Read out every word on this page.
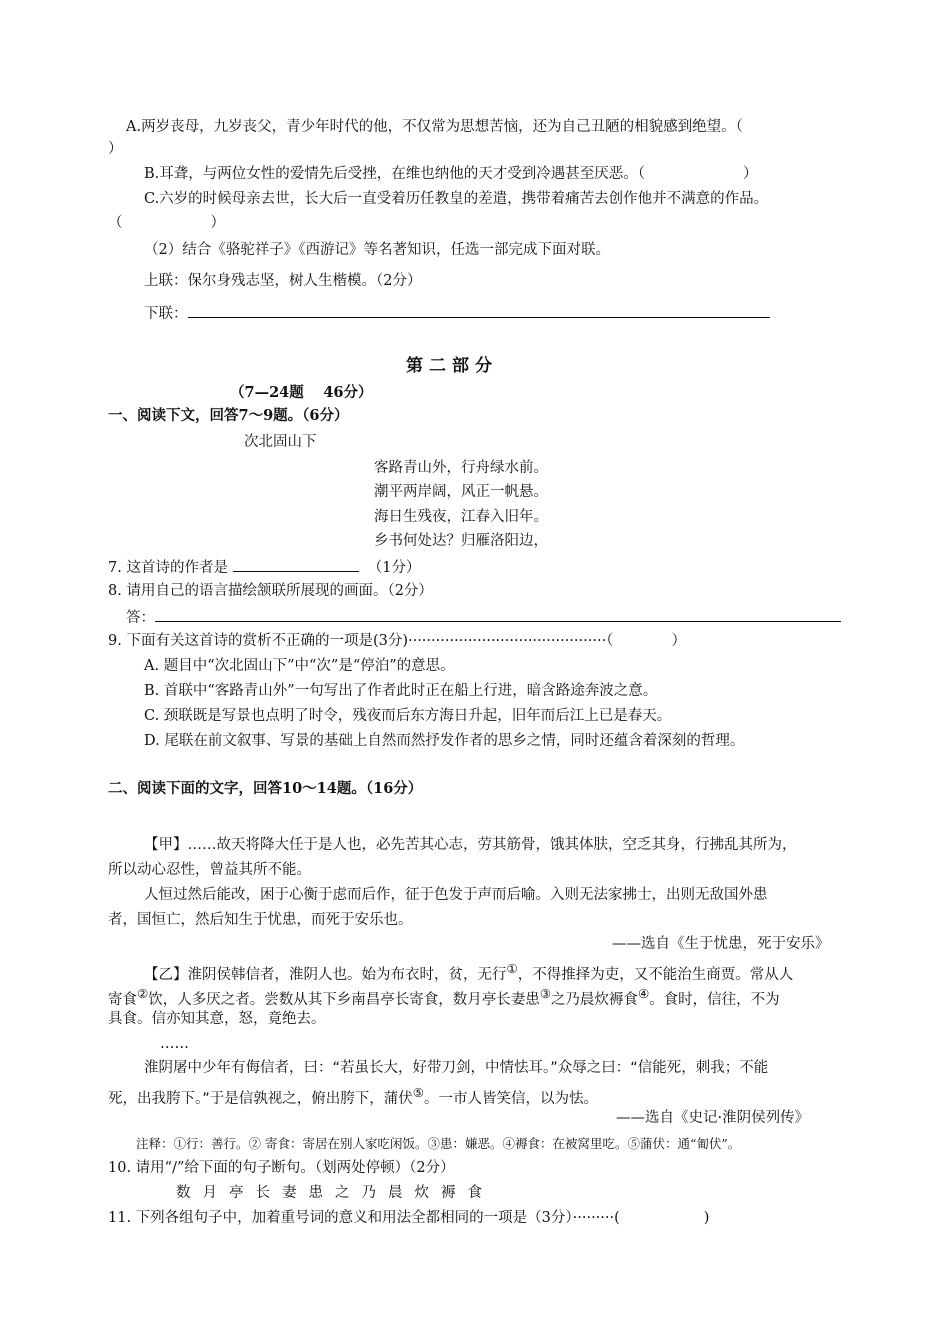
A.两岁丧母，九岁丧父，青少年时代的他，不仅常为思想苦恼，还为自己丑陋的相貌感到绝望。（
）
B.耳聋，与两位女性的爱情先后受挫，在维也纳他的天才受到冷遇甚至厌恶。（	）
C.六岁的时候母亲去世，长大后一直受着历任教皇的差遣，携带着痛苦去创作他并不满意的作品。
（	）
（2）结合《骆驼祥子》《西游记》等名著知识，任选一部完成下面对联。
上联：保尔身残志坚，树人生楷模。（2分）
下联：
第二部分
（7—24题　 46分）
一、阅读下文，回答7～9题。（6分）
次北固山下
客路青山外，行舟绿水前。
潮平两岸阔，风正一帆悬。
海日生残夜，江春入旧年。
乡书何处达？归雁洛阳边，
7. 这首诗的作者是	（1分）
8. 请用自己的语言描绘颔联所展现的画面。（2分）
答：
9. 下面有关这首诗的赏析不正确的一项是(3分)···········································（	）
A. 题目中“次北固山下”中“次”是“停泊”的意思。
B. 首联中“客路青山外”一句写出了作者此时正在船上行进，暗含路途奔波之意。
C. 颈联既是写景也点明了时令，残夜而后东方海日升起，旧年而后江上已是春天。
D. 尾联在前文叙事、写景的基础上自然而然抒发作者的思乡之情，同时还蕴含着深刻的哲理。
二、阅读下面的文字，回答10～14题。（16分）
【甲】……故天将降大任于是人也，必先苦其心志，劳其筋骨，饿其体肤，空乏其身，行拂乱其所为，
所以动心忍性，曾益其所不能。
人恒过然后能改，困于心衡于虑而后作，征于色发于声而后喻。入则无法家拂士，出则无敌国外患
者，国恒亡，然后知生于忧患，而死于安乐也。
——选自《生于忧患，死于安乐》
【乙】淮阴侯韩信者，淮阴人也。始为布衣时，贫，无行①，不得推择为吏，又不能治生商贾。常从人
寄食②饮，人多厌之者。尝数从其下乡南昌亭长寄食，数月亭长妻患③之乃晨炊褥食④。食时，信往，不为
具食。信亦知其意，怒，竟绝去。
……
淮阴屠中少年有侮信者，曰：“若虽长大，好带刀剑，中情怯耳。”众辱之曰：“信能死，刺我；不能
死，出我胯下。”于是信孰视之，俯出胯下，蒲伏⑤。一市人皆笑信，以为怯。
——选自《史记·淮阴侯列传》
注释：①行：善行。② 寄食：寄居在别人家吃闲饭。③患：嫌恶。④褥食：在被窝里吃。⑤蒲伏：通“匍伏”。
10. 请用“/”给下面的句子断句。（划两处停顿）（2分）
数月亭长妻患之乃晨炊褥食
11. 下列各组句子中，加着重号词的意义和用法全都相同的一项是（3分）·········(	)
